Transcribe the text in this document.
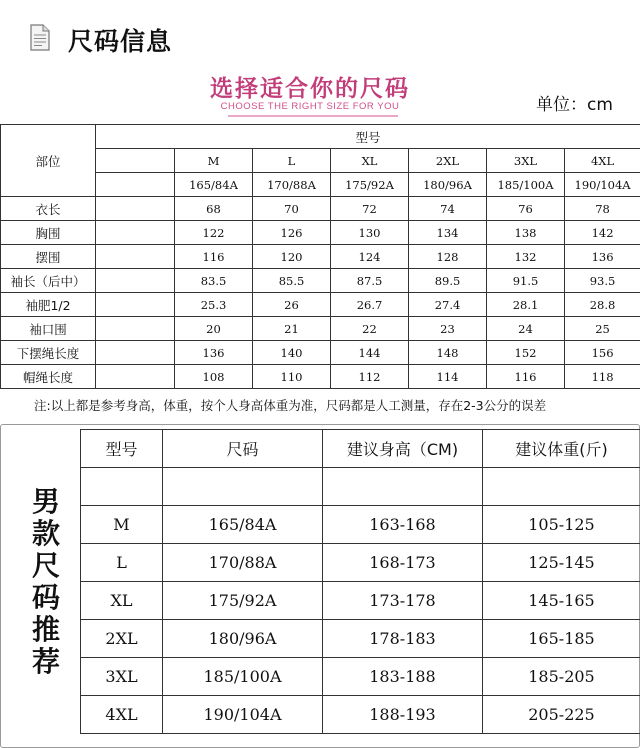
尺码信息
选择适合你的尺码
CHOOSE THE RIGHT SIZE FOR YOU	单位：cm
部位	型号						
		M	L	XL	2XL	3XL	4XL
		165/84A	170/88A	175/92A	180/96A	185/100A	190/104A
衣长		68	70	72	74	76	78
胸围		122	126	130	134	138	142
摆围		116	120	124	128	132	136
袖长（后中）		83.5	85.5	87.5	89.5	91.5	93.5
袖肥1/2		25.3	26	26.7	27.4	28.1	28.8
袖口围		20	21	22	23	24	25
下摆绳长度		136	140	144	148	152	156
帽绳长度		108	110	112	114	116	118
注:以上都是参考身高，体重，按个人身高体重为准，尺码都是人工测量，存在2-3公分的误差
男
款
尺
码
推
荐
型号	尺码	建议身高（CM)	建议体重(斤)

M	165/84A	163-168	105-125
L	170/88A	168-173	125-145
XL	175/92A	173-178	145-165
2XL	180/96A	178-183	165-185
3XL	185/100A	183-188	185-205
4XL	190/104A	188-193	205-225
